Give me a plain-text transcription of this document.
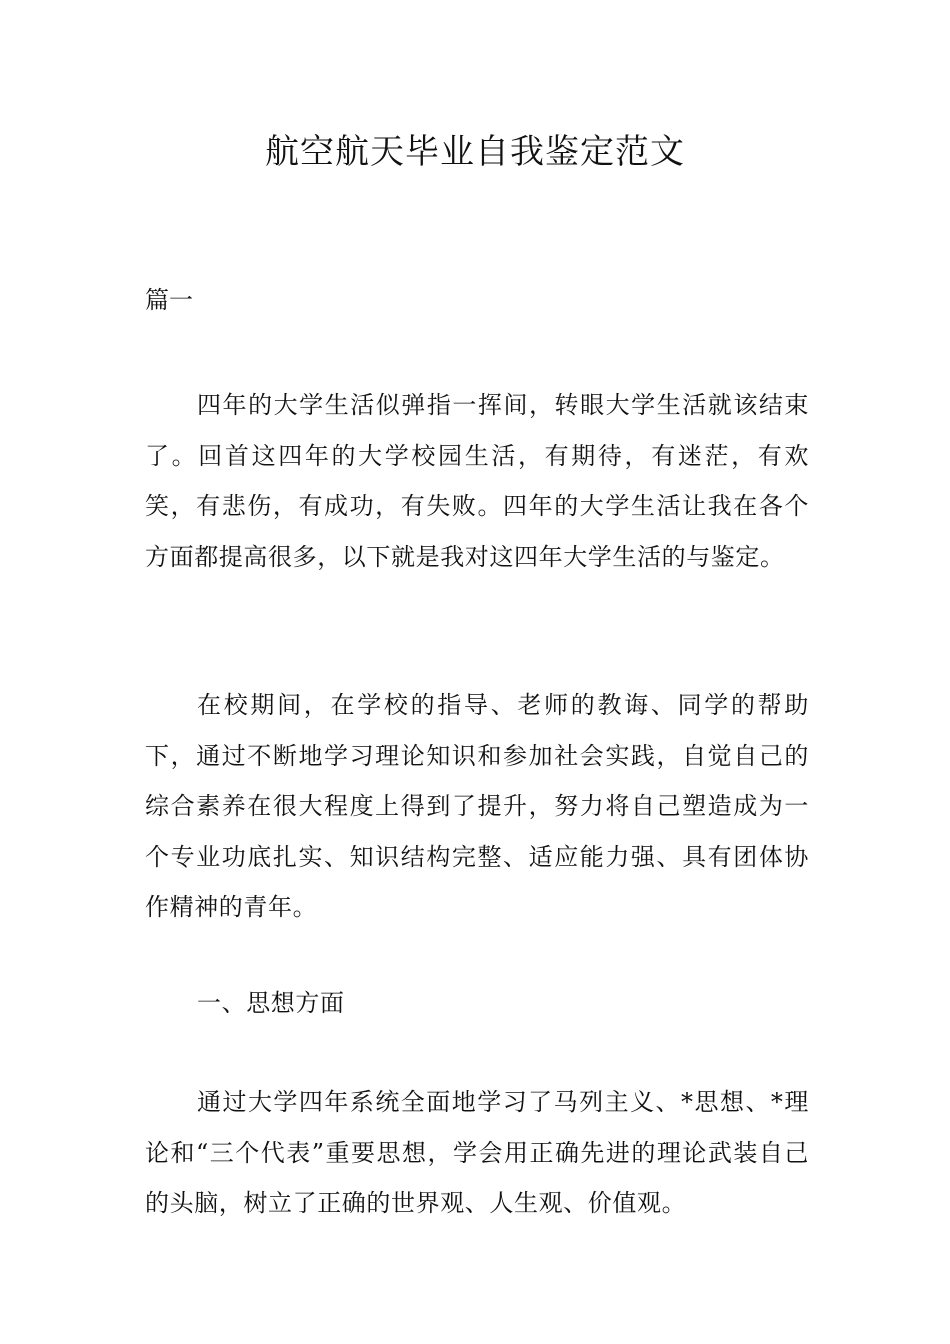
航空航天毕业自我鉴定范文

篇一

四年的大学生活似弹指一挥间，转眼大学生活就该结束了。回首这四年的大学校园生活，有期待，有迷茫，有欢笑，有悲伤，有成功，有失败。四年的大学生活让我在各个方面都提高很多，以下就是我对这四年大学生活的与鉴定。

在校期间，在学校的指导、老师的教诲、同学的帮助下，通过不断地学习理论知识和参加社会实践，自觉自己的综合素养在很大程度上得到了提升，努力将自己塑造成为一个专业功底扎实、知识结构完整、适应能力强、具有团体协作精神的青年。

一、思想方面

通过大学四年系统全面地学习了马列主义、*思想、*理论和“三个代表”重要思想，学会用正确先进的理论武装自己的头脑，树立了正确的世界观、人生观、价值观。
